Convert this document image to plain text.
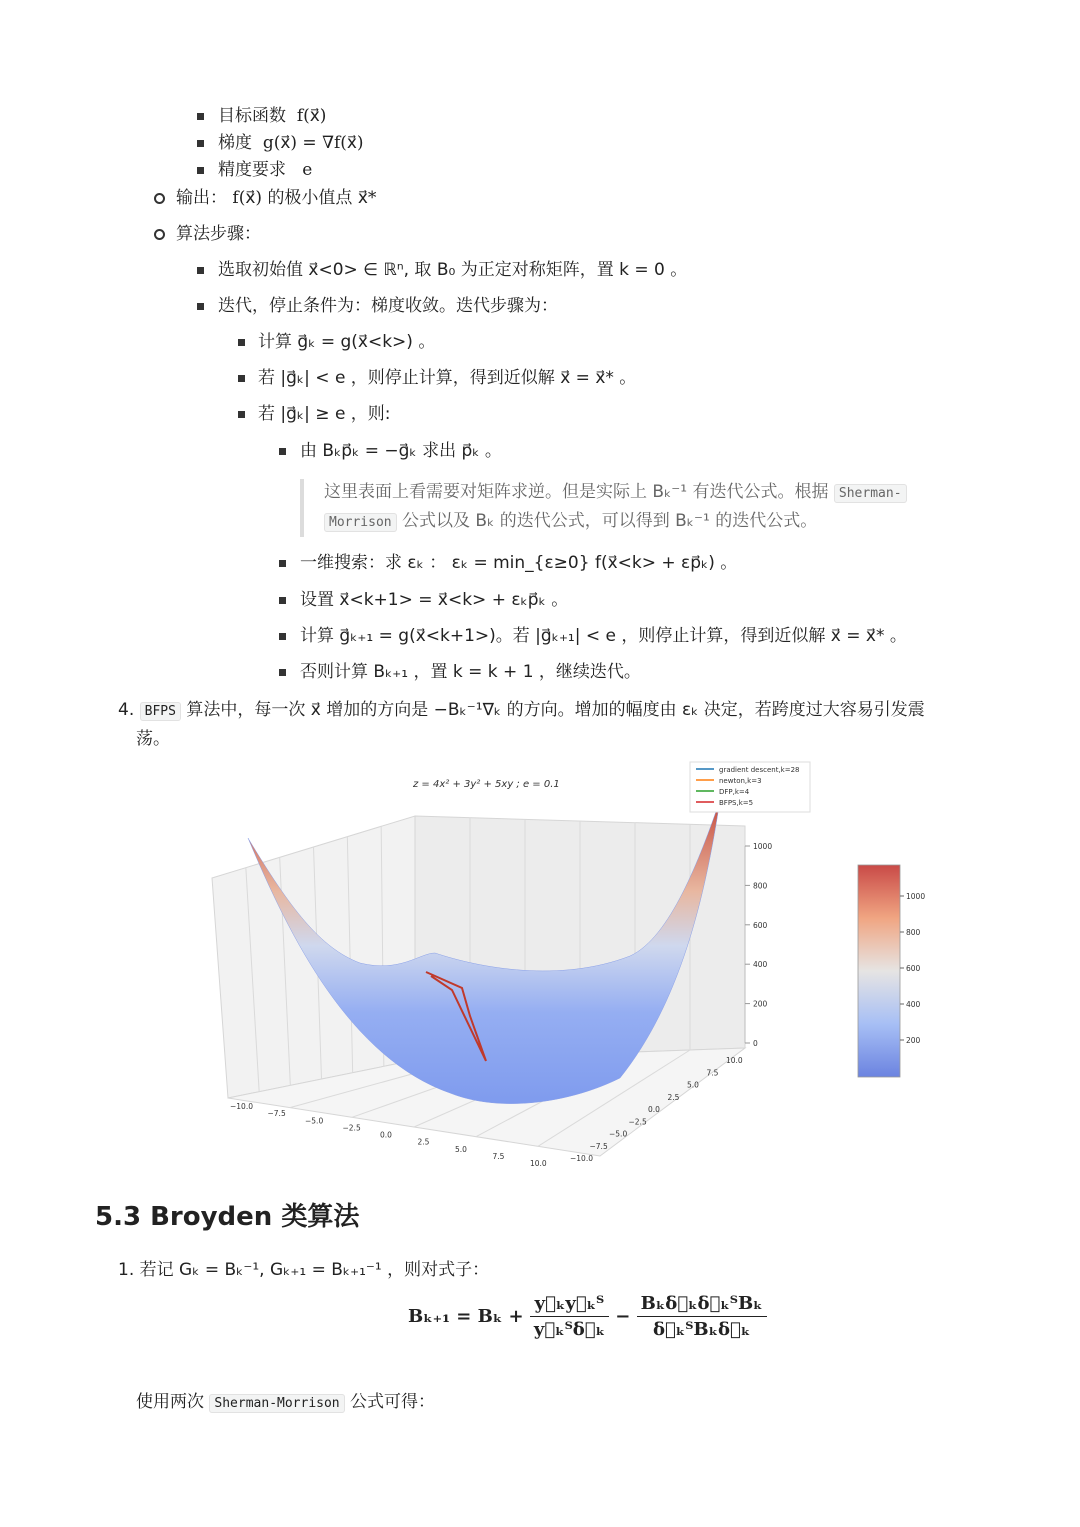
目标函数 f(x⃗)
梯度 g(x⃗) = ∇f(x⃗)
精度要求 e
输出： f(x⃗) 的极小值点 x⃗*
算法步骤：
选取初始值 x⃗<0> ∈ ℝⁿ, 取 B₀ 为正定对称矩阵，置 k = 0 。
迭代，停止条件为：梯度收敛。迭代步骤为：
计算 g⃗ₖ = g(x⃗<k>) 。
若 |g⃗ₖ| < e ，则停止计算，得到近似解 x⃗ = x⃗* 。
若 |g⃗ₖ| ≥ e ，则:
由 Bₖp⃗ₖ = −g⃗ₖ 求出 p⃗ₖ 。
这里表面上看需要对矩阵求逆。但是实际上 Bₖ⁻¹ 有迭代公式。根据 Sherman-
Morrison 公式以及 Bₖ 的迭代公式，可以得到 Bₖ⁻¹ 的迭代公式。
一维搜索：求 εₖ ： εₖ = min_{ε≥0} f(x⃗<k> + εp⃗ₖ) 。
设置 x⃗<k+1> = x⃗<k> + εₖp⃗ₖ 。
计算 g⃗ₖ₊₁ = g(x⃗<k+1>)。若 |g⃗ₖ₊₁| < e ，则停止计算，得到近似解 x⃗ = x⃗* 。
否则计算 Bₖ₊₁ ，置 k = k + 1 ，继续迭代。
4. BFPS 算法中，每一次 x⃗ 增加的方向是 −Bₖ⁻¹∇ₖ 的方向。增加的幅度由 εₖ 决定，若跨度过大容易引发震
荡。
z = 4x² + 3y² + 5xy ; e = 0.1
gradient descent,k=28
newton,k=3
DFP,k=4
BFPS,k=5
−10.0
−7.5
−5.0
−2.5
0.0
2.5
5.0
7.5
10.0
10.0
7.5
5.0
2.5
0.0
−2.5
−5.0
−7.5
−10.0
1000
800
600
400
200
0
1000
800
600
400
200
5.3 Broyden 类算法
1. 若记 Gₖ = Bₖ⁻¹, Gₖ₊₁ = Bₖ₊₁⁻¹ ，则对式子：
$B_{k+1} = B_k + \frac{\text{y⃗ₖy⃗ₖᵀ}}{\text{y⃗ₖᵀδ⃗ₖ}} - \frac{\text{Bₖδ⃗ₖδ⃗ₖᵀBₖ}}{\text{δ⃗ₖᵀBₖδ⃗ₖ}}$
使用两次 Sherman-Morrison 公式可得：
